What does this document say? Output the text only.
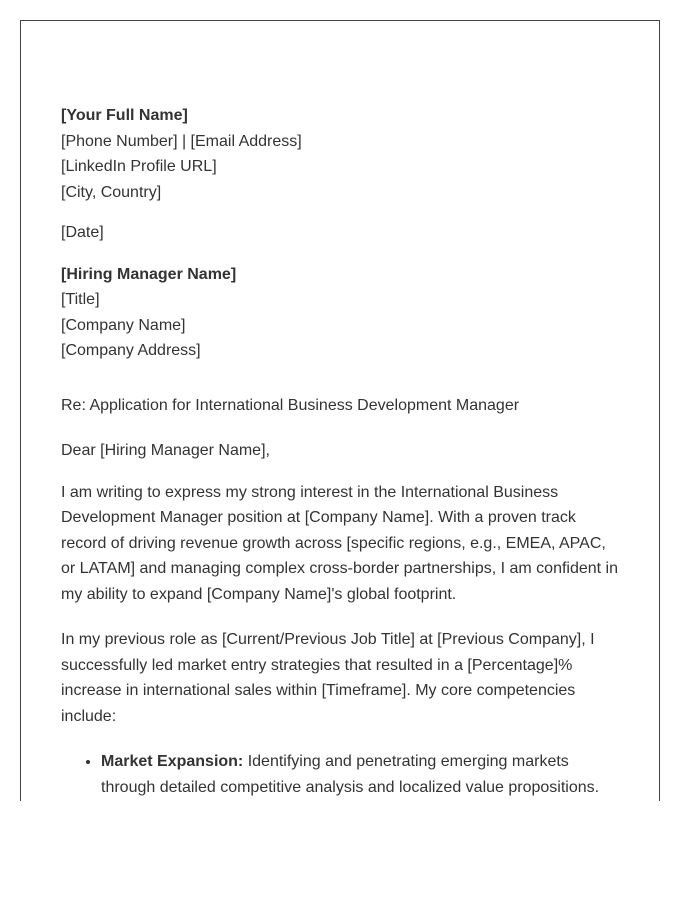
[Your Full Name]
[Phone Number] | [Email Address]
[LinkedIn Profile URL]
[City, Country]
[Date]
[Hiring Manager Name]
[Title]
[Company Name]
[Company Address]
Re: Application for International Business Development Manager
Dear [Hiring Manager Name],

I am writing to express my strong interest in the International Business Development Manager position at [Company Name]. With a proven track record of driving revenue growth across [specific regions, e.g., EMEA, APAC, or LATAM] and managing complex cross-border partnerships, I am confident in my ability to expand [Company Name]'s global footprint.

In my previous role as [Current/Previous Job Title] at [Previous Company], I successfully led market entry strategies that resulted in a [Percentage]% increase in international sales within [Timeframe]. My core competencies include:

• Market Expansion: Identifying and penetrating emerging markets through detailed competitive analysis and localized value propositions.
